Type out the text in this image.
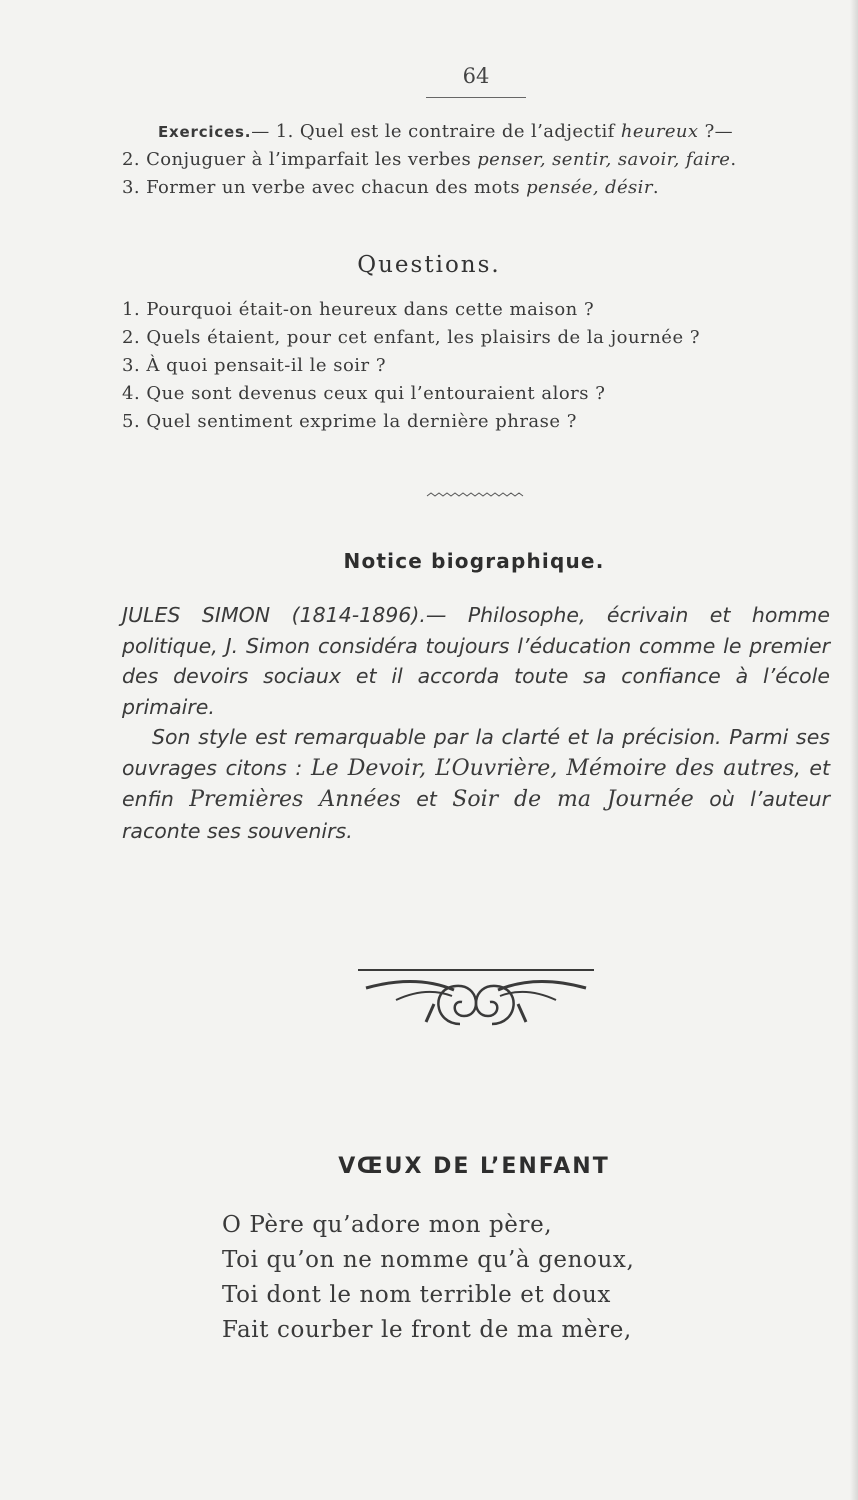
64
Exercices.— 1. Quel est le contraire de l’adjectif heureux ?—
2. Conjuguer à l’imparfait les verbes penser, sentir, savoir, faire.
3. Former un verbe avec chacun des mots pensée, désir.
Questions.
1. Pourquoi était-on heureux dans cette maison ?
2. Quels étaient, pour cet enfant, les plaisirs de la journée ?
3. À quoi pensait-il le soir ?
4. Que sont devenus ceux qui l’entouraient alors ?
5. Quel sentiment exprime la dernière phrase ?
Notice biographique.

JULES SIMON (1814-1896).— Philosophe, écrivain et homme politique, J. Simon considéra toujours l’éducation comme le premier des devoirs sociaux et il accorda toute sa confiance à l’école primaire.

Son style est remarquable par la clarté et la précision. Parmi ses ouvrages citons : Le Devoir, L’Ouvrière, Mémoire des autres, et enfin Premières Années et Soir de ma Journée où l’auteur raconte ses souvenirs.

VŒUX DE L’ENFANT
O Père qu’adore mon père,
Toi qu’on ne nomme qu’à genoux,
Toi dont le nom terrible et doux
Fait courber le front de ma mère,
